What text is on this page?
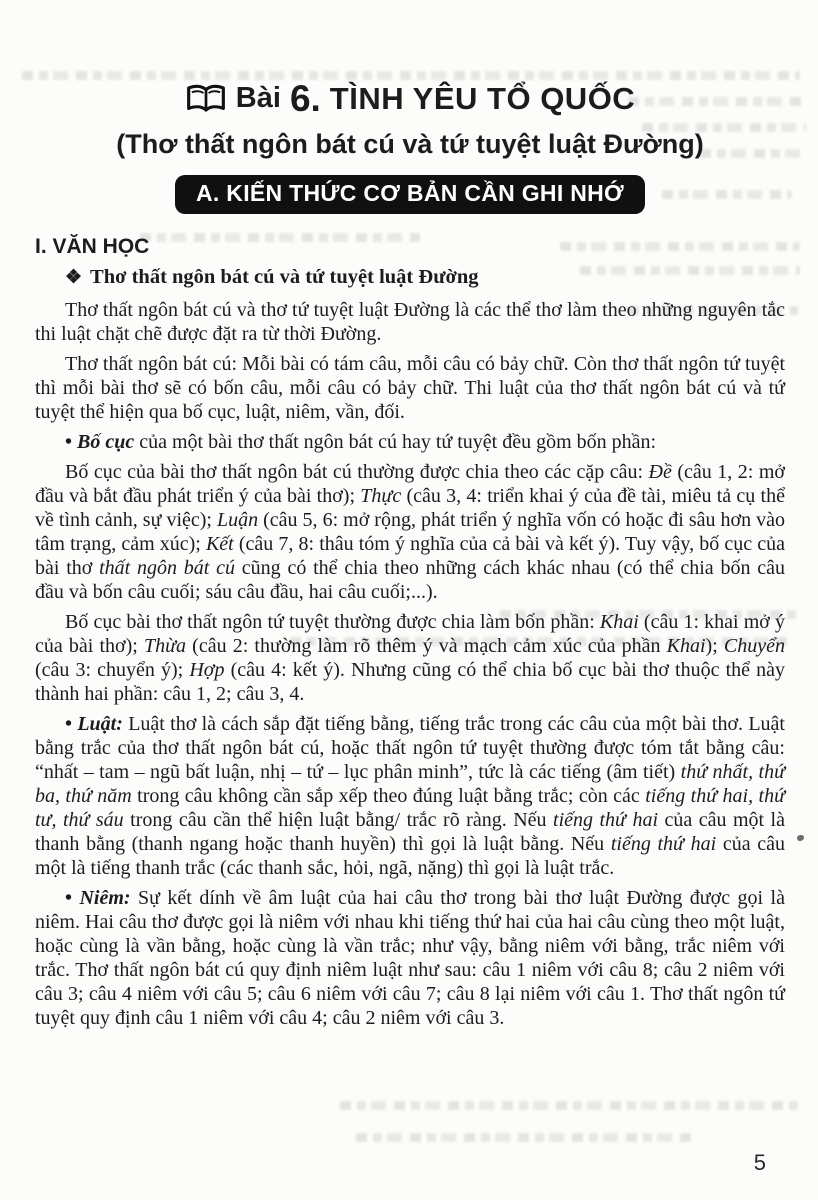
Bài 6. TÌNH YÊU TỔ QUỐC
(Thơ thất ngôn bát cú và tứ tuyệt luật Đường)
A. KIẾN THỨC CƠ BẢN CẦN GHI NHỚ
I. VĂN HỌC
❖ Thơ thất ngôn bát cú và tứ tuyệt luật Đường

Thơ thất ngôn bát cú và thơ tứ tuyệt luật Đường là các thể thơ làm theo những nguyên tắc thi luật chặt chẽ được đặt ra từ thời Đường.

Thơ thất ngôn bát cú: Mỗi bài có tám câu, mỗi câu có bảy chữ. Còn thơ thất ngôn tứ tuyệt thì mỗi bài thơ sẽ có bốn câu, mỗi câu có bảy chữ. Thi luật của thơ thất ngôn bát cú và tứ tuyệt thể hiện qua bố cục, luật, niêm, vần, đối.

• Bố cục của một bài thơ thất ngôn bát cú hay tứ tuyệt đều gồm bốn phần:

Bố cục của bài thơ thất ngôn bát cú thường được chia theo các cặp câu: Đề (câu 1, 2: mở đầu và bắt đầu phát triển ý của bài thơ); Thực (câu 3, 4: triển khai ý của đề tài, miêu tả cụ thể về tình cảnh, sự việc); Luận (câu 5, 6: mở rộng, phát triển ý nghĩa vốn có hoặc đi sâu hơn vào tâm trạng, cảm xúc); Kết (câu 7, 8: thâu tóm ý nghĩa của cả bài và kết ý). Tuy vậy, bố cục của bài thơ thất ngôn bát cú cũng có thể chia theo những cách khác nhau (có thể chia bốn câu đầu và bốn câu cuối; sáu câu đầu, hai câu cuối;...).

Bố cục bài thơ thất ngôn tứ tuyệt thường được chia làm bốn phần: Khai (câu 1: khai mở ý của bài thơ); Thừa (câu 2: thường làm rõ thêm ý và mạch cảm xúc của phần Khai); Chuyển (câu 3: chuyển ý); Hợp (câu 4: kết ý). Nhưng cũng có thể chia bố cục bài thơ thuộc thể này thành hai phần: câu 1, 2; câu 3, 4.

• Luật: Luật thơ là cách sắp đặt tiếng bằng, tiếng trắc trong các câu của một bài thơ. Luật bằng trắc của thơ thất ngôn bát cú, hoặc thất ngôn tứ tuyệt thường được tóm tắt bằng câu: “nhất – tam – ngũ bất luận, nhị – tứ – lục phân minh”, tức là các tiếng (âm tiết) thứ nhất, thứ ba, thứ năm trong câu không cần sắp xếp theo đúng luật bằng trắc; còn các tiếng thứ hai, thứ tư, thứ sáu trong câu cần thể hiện luật bằng/ trắc rõ ràng. Nếu tiếng thứ hai của câu một là thanh bằng (thanh ngang hoặc thanh huyền) thì gọi là luật bằng. Nếu tiếng thứ hai của câu một là tiếng thanh trắc (các thanh sắc, hỏi, ngã, nặng) thì gọi là luật trắc.

• Niêm: Sự kết dính về âm luật của hai câu thơ trong bài thơ luật Đường được gọi là niêm. Hai câu thơ được gọi là niêm với nhau khi tiếng thứ hai của hai câu cùng theo một luật, hoặc cùng là vần bằng, hoặc cùng là vần trắc; như vậy, bằng niêm với bằng, trắc niêm với trắc. Thơ thất ngôn bát cú quy định niêm luật như sau: câu 1 niêm với câu 8; câu 2 niêm với câu 3; câu 4 niêm với câu 5; câu 6 niêm với câu 7; câu 8 lại niêm với câu 1. Thơ thất ngôn tứ tuyệt quy định câu 1 niêm với câu 4; câu 2 niêm với câu 3.

5
